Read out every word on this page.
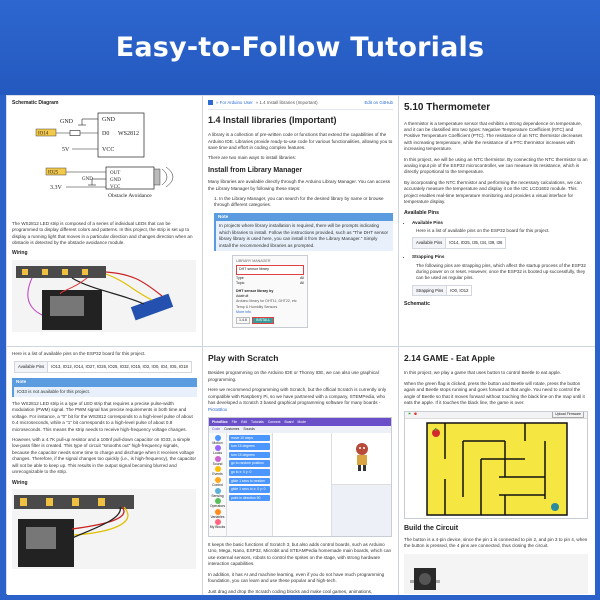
Easy-to-Follow Tutorials
Schematic Diagram
GND
D0 WS2812
VCC
GND
IO14
5V
OUT
GND
VCC
IO25
GND
3.3V
Obstacle Avoidance

The WS2812 LED strip is composed of a series of individual LEDs that can be programmed to display different colors and patterns. In this project, the strip is set up to display a running light that moves in a particular direction and changes direction when an obstacle is detected by the obstacle avoidance module.

Wiring
» For Arduino User » 1.4 Install libraries (Important)	Edit on GitHub
1.4 Install libraries (Important)

A library is a collection of pre-written code or functions that extend the capabilities of the Arduino IDE. Libraries provide ready-to-use code for various functionalities, allowing you to save time and effort in coding complex features.

There are two main ways to install libraries:

Install from Library Manager

Many libraries are available directly through the Arduino Library Manager. You can access the Library Manager by following these steps:

1. In the Library Manager, you can search for the desired library by name or browse through different categories.

Note
In projects where library installation is required, there will be prompts indicating which libraries to install. Follow the instructions provided, such as "The DHT sensor library library is used here, you can install it from the Library Manager." Simply install the recommended libraries as prompted.
LIBRARY MANAGER
DHT sensor library
Type	All
Topic	All
DHT sensor library by
Adafruit
Arduino library for DHT11, DHT22, etc Temp & Humidity Sensors
More info
1.4.6	INSTALL
5.10 Thermometer

A thermistor is a temperature sensor that exhibits a strong dependence on temperature, and it can be classified into two types: Negative Temperature Coefficient (NTC) and Positive Temperature Coefficient (PTC). The resistance of an NTC thermistor decreases with increasing temperature, while the resistance of a PTC thermistor increases with increasing temperature.

In this project, we will be using an NTC thermistor. By connecting the NTC thermistor to an analog input pin of the ESP32 microcontroller, we can measure its resistance, which is directly proportional to the temperature.

By incorporating the NTC thermistor and performing the necessary calculations, we can accurately measure the temperature and display it on the I2C LCD1602 module. This project enables real-time temperature monitoring and provides a visual interface for temperature display.

Available Pins
• Available Pins

Here is a list of available pins on the ESP32 board for this project.

Available Pins	IO14, IO25, I35, I34, I39, I36
• Strapping Pins

The following pins are strapping pins, which affect the startup process of the ESP32 during power on or reset. However, once the ESP32 is booted up successfully, they can be used as regular pins.

Strapping Pins	IO0, IO12
Schematic

Here is a list of available pins on the ESP32 board for this project.

Available Pins	IO13, IO12, IO14, IO27, IO26, IO25, IO32, IO15, IO2, IO0, IO4, IO5, IO18
Note
IO33 is not available for this project.

The WS2812 LED strip is a type of LED strip that requires a precise pulse-width modulation (PWM) signal. The PWM signal has precise requirements in both time and voltage. For instance, a "0" bit for the WS2812 corresponds to a high-level pulse of about 0.4 microseconds, while a "1" bit corresponds to a high-level pulse of about 0.8 microseconds. This means the strip needs to receive high-frequency voltage changes.

However, with a 4.7K pull-up resistor and a 100nf pull-down capacitor on IO33, a simple low-pass filter is created. This type of circuit "smooths out" high-frequency signals, because the capacitor needs some time to charge and discharge when it receives voltage changes. Therefore, if the signal changes too quickly (i.e., is high-frequency), the capacitor will not be able to keep up. This results in the output signal becoming blurred and unrecognizable to the strip.

Wiring
Play with Scratch

Besides programming on the Arduino IDE or Thonny IDE, we can also use graphical programming.

Here we recommend programming with Scratch, but the official Scratch is currently only compatible with Raspberry Pi, so we have partnered with a company, STEMPedia, who has developed a Scratch 3 based graphical programming software for many boards - PictoBlox

PictoBlox File Edit Tutorials Connect Board Mode
Code Costumes Sounds
Motion
Looks
Sound
Events
Control
Sensing
Operators
Variables
My Blocks
move 10 steps
turn 15 degrees
turn 15 degrees
go to random position
go to x: 0 y: 0
glide 1 secs to random
glide 1 secs to x: 0 y: 0
point in direction 90

It keeps the basic functions of Scratch 3, but also adds control boards, such as Arduino Uno, Mega, Nano, ESP32, Microbit and STEAMPedia homemade main boards, which can use external sensors, robots to control the sprites on the stage, with strong hardware interaction capabilities.

In addition, it has AI and machine learning, even if you do not have much programming foundation, you can learn and use these popular and high-tech.

Just drag and drop the Scratch coding blocks and make cool games, animations,

2.14 GAME - Eat Apple

In this project, we play a game that uses button to control Beetle to eat apple.

When the green flag is clicked, press the button and Beetle will rotate, press the button again and Beetle stops running and goes forward at that angle. You need to control the angle of Beetle so that it moves forward without touching the black line on the map until it eats the apple. If it touches the black line, the game is over.

⚑ ⬣	Upload Firmware
Build the Circuit

The button is a 4-pin device, since the pin 1 is connected to pin 2, and pin 3 to pin 4, when the button is pressed, the 4 pins are connected, thus closing the circuit.
